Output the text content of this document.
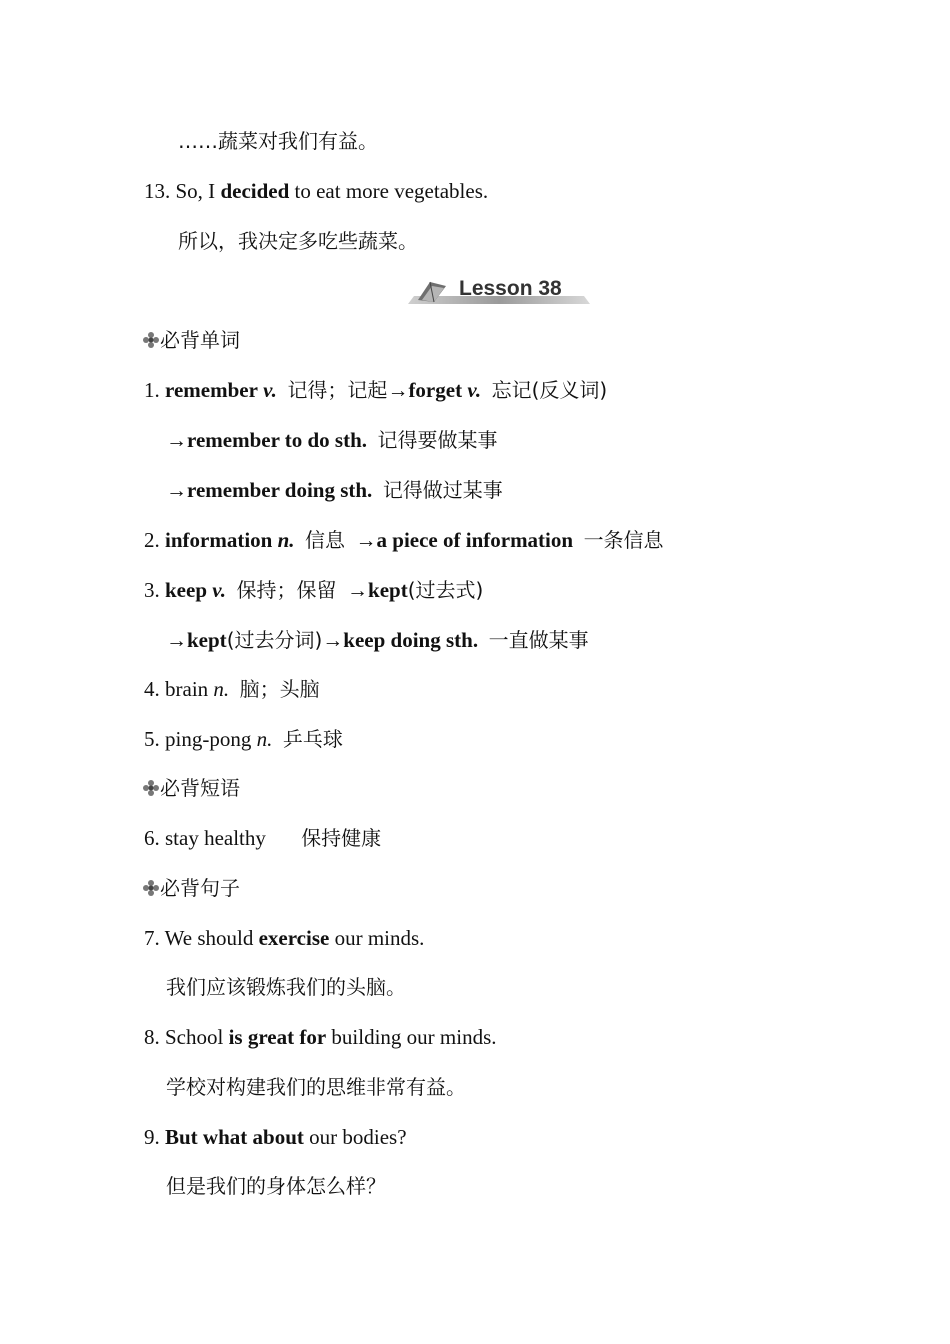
……蔬菜对我们有益。
13. So, I decided to eat more vegetables.
所以，我决定多吃些蔬菜。
Lesson 38
必背单词
1. remember v. 记得；记起→forget v. 忘记(反义词)
→remember to do sth. 记得要做某事
→remember doing sth. 记得做过某事
2. information n. 信息 →a piece of information 一条信息
3. keep v. 保持；保留 →kept(过去式)
→kept(过去分词)→keep doing sth. 一直做某事
4. brain n. 脑；头脑
5. ping-pong n. 乒乓球
必背短语
6. stay healthy 保持健康
必背句子
7. We should exercise our minds.
我们应该锻炼我们的头脑。
8. School is great for building our minds.
学校对构建我们的思维非常有益。
9. But what about our bodies?
但是我们的身体怎么样？
